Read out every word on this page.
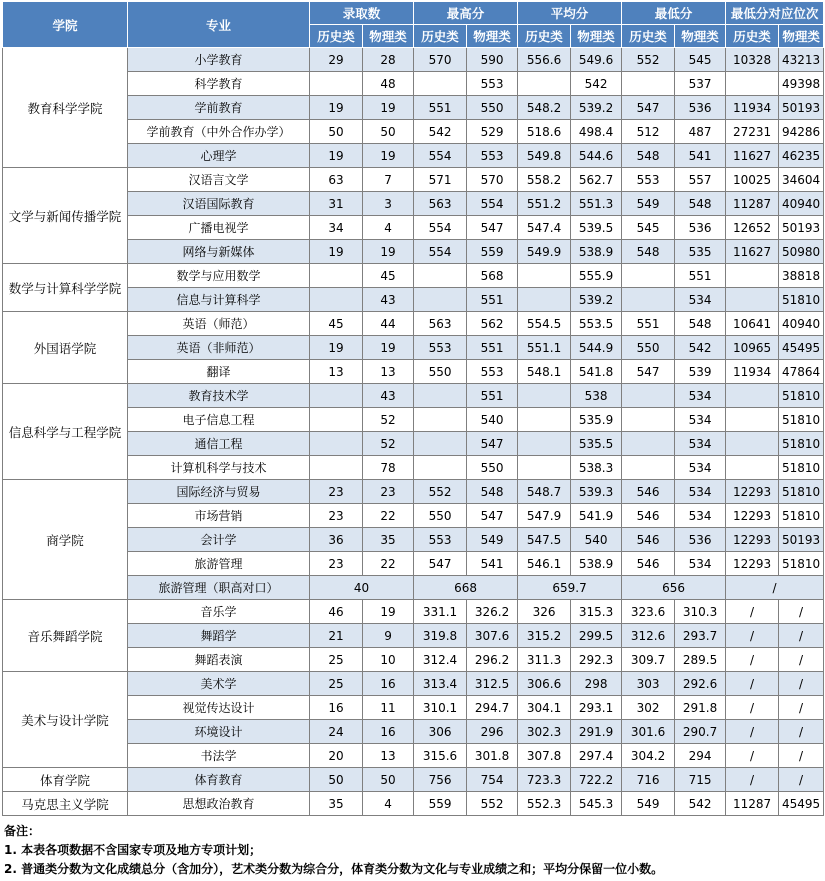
学院	专业	录取数		最高分		平均分		最低分		最低分对应位次	
		历史类	物理类	历史类	物理类	历史类	物理类	历史类	物理类	历史类	物理类
教育科学学院	小学教育	29	28	570	590	556.6	549.6	552	545	10328	43213
	科学教育		48		553		542		537		49398
	学前教育	19	19	551	550	548.2	539.2	547	536	11934	50193
	学前教育（中外合作办学）	50	50	542	529	518.6	498.4	512	487	27231	94286
	心理学	19	19	554	553	549.8	544.6	548	541	11627	46235
文学与新闻传播学院	汉语言文学	63	7	571	570	558.2	562.7	553	557	10025	34604
	汉语国际教育	31	3	563	554	551.2	551.3	549	548	11287	40940
	广播电视学	34	4	554	547	547.4	539.5	545	536	12652	50193
	网络与新媒体	19	19	554	559	549.9	538.9	548	535	11627	50980
数学与计算科学学院	数学与应用数学		45		568		555.9		551		38818
	信息与计算科学		43		551		539.2		534		51810
外国语学院	英语（师范）	45	44	563	562	554.5	553.5	551	548	10641	40940
	英语（非师范）	19	19	553	551	551.1	544.9	550	542	10965	45495
	翻译	13	13	550	553	548.1	541.8	547	539	11934	47864
信息科学与工程学院	教育技术学		43		551		538		534		51810
	电子信息工程		52		540		535.9		534		51810
	通信工程		52		547		535.5		534		51810
	计算机科学与技术		78		550		538.3		534		51810
商学院	国际经济与贸易	23	23	552	548	548.7	539.3	546	534	12293	51810
	市场营销	23	22	550	547	547.9	541.9	546	534	12293	51810
	会计学	36	35	553	549	547.5	540	546	536	12293	50193
	旅游管理	23	22	547	541	546.1	538.9	546	534	12293	51810
	旅游管理（职高对口）	40		668		659.7		656		/	
音乐舞蹈学院	音乐学	46	19	331.1	326.2	326	315.3	323.6	310.3	/	/
	舞蹈学	21	9	319.8	307.6	315.2	299.5	312.6	293.7	/	/
	舞蹈表演	25	10	312.4	296.2	311.3	292.3	309.7	289.5	/	/
美术与设计学院	美术学	25	16	313.4	312.5	306.6	298	303	292.6	/	/
	视觉传达设计	16	11	310.1	294.7	304.1	293.1	302	291.8	/	/
	环境设计	24	16	306	296	302.3	291.9	301.6	290.7	/	/
	书法学	20	13	315.6	301.8	307.8	297.4	304.2	294	/	/
体育学院	体育教育	50	50	756	754	723.3	722.2	716	715	/	/
马克思主义学院	思想政治教育	35	4	559	552	552.3	545.3	549	542	11287	45495
备注：
1. 本表各项数据不含国家专项及地方专项计划；
2. 普通类分数为文化成绩总分（含加分），艺术类分数为综合分，体育类分数为文化与专业成绩之和；平均分保留一位小数。
